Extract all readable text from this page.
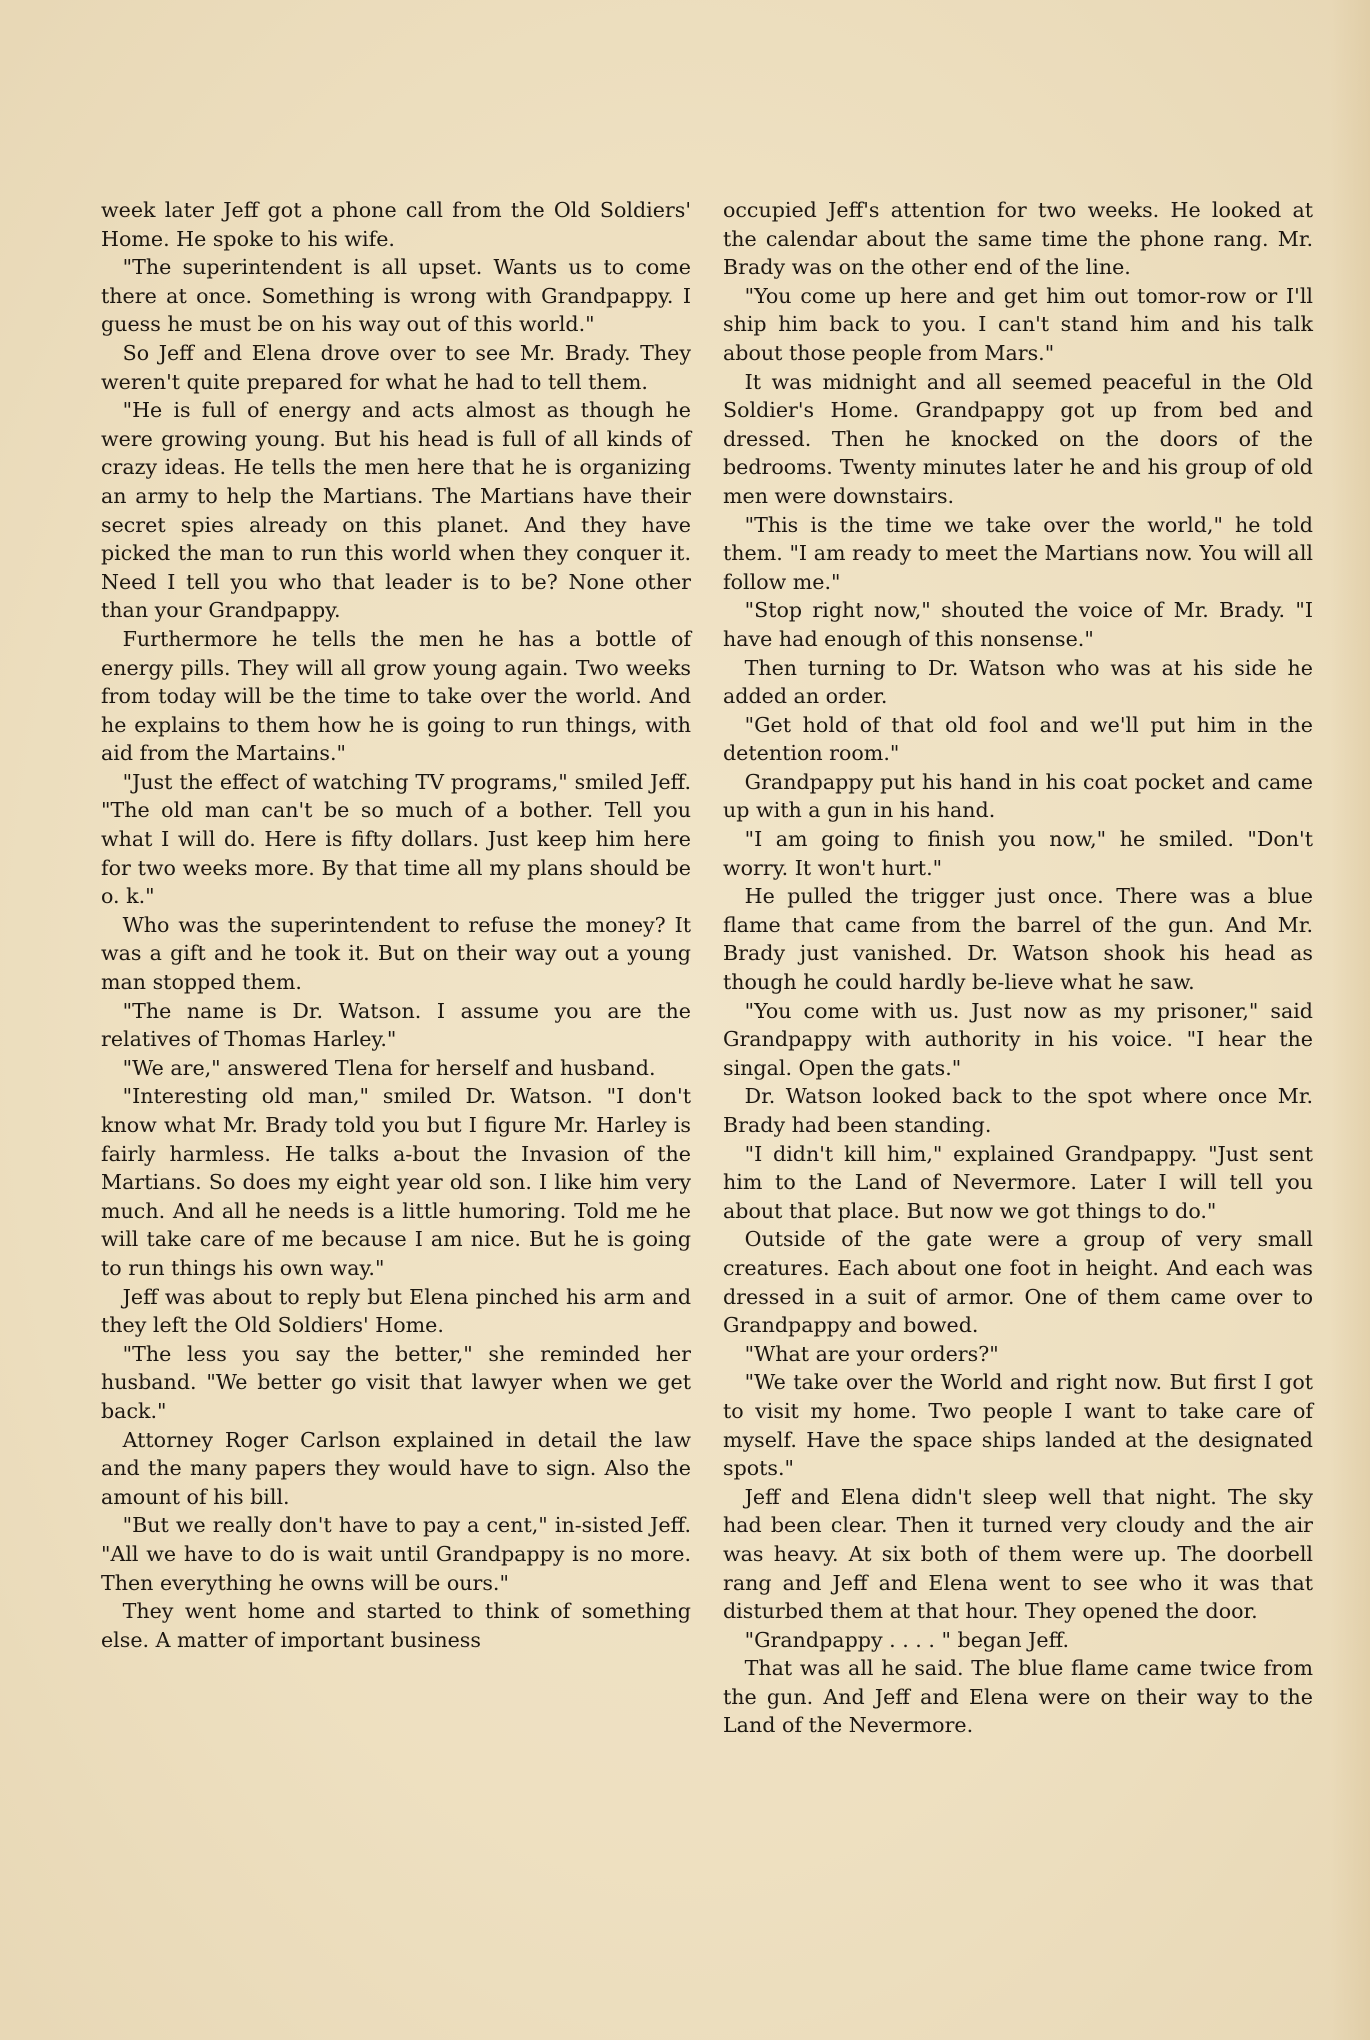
week later Jeff got a phone call from the Old Soldiers' Home. He spoke to his wife.

"The superintendent is all upset. Wants us to come there at once. Something is wrong with Grandpappy. I guess he must be on his way out of this world."

So Jeff and Elena drove over to see Mr. Brady. They weren't quite prepared for what he had to tell them.

"He is full of energy and acts almost as though he were growing young. But his head is full of all kinds of crazy ideas. He tells the men here that he is organizing an army to help the Martians. The Martians have their secret spies already on this planet. And they have picked the man to run this world when they conquer it. Need I tell you who that leader is to be? None other than your Grandpappy.

Furthermore he tells the men he has a bottle of energy pills. They will all grow young again. Two weeks from today will be the time to take over the world. And he explains to them how he is going to run things, with aid from the Martains."

"Just the effect of watching TV programs," smiled Jeff. "The old man can't be so much of a bother. Tell you what I will do. Here is fifty dollars. Just keep him here for two weeks more. By that time all my plans should be o. k."

Who was the superintendent to refuse the money? It was a gift and he took it. But on their way out a young man stopped them.

"The name is Dr. Watson. I assume you are the relatives of Thomas Harley."

"We are," answered Tlena for herself and husband.

"Interesting old man," smiled Dr. Watson. "I don't know what Mr. Brady told you but I figure Mr. Harley is fairly harmless. He talks a-bout the Invasion of the Martians. So does my eight year old son. I like him very much. And all he needs is a little humoring. Told me he will take care of me because I am nice. But he is going to run things his own way."

Jeff was about to reply but Elena pinched his arm and they left the Old Soldiers' Home.

"The less you say the better," she reminded her husband. "We better go visit that lawyer when we get back."

Attorney Roger Carlson explained in detail the law and the many papers they would have to sign. Also the amount of his bill.

"But we really don't have to pay a cent," in-sisted Jeff. "All we have to do is wait until Grandpappy is no more. Then everything he owns will be ours."

They went home and started to think of something else. A matter of important business

occupied Jeff's attention for two weeks. He looked at the calendar about the same time the phone rang. Mr. Brady was on the other end of the line.

"You come up here and get him out tomor-row or I'll ship him back to you. I can't stand him and his talk about those people from Mars."

It was midnight and all seemed peaceful in the Old Soldier's Home. Grandpappy got up from bed and dressed. Then he knocked on the doors of the bedrooms. Twenty minutes later he and his group of old men were downstairs.

"This is the time we take over the world," he told them. "I am ready to meet the Martians now. You will all follow me."

"Stop right now," shouted the voice of Mr. Brady. "I have had enough of this nonsense."

Then turning to Dr. Watson who was at his side he added an order.

"Get hold of that old fool and we'll put him in the detention room."

Grandpappy put his hand in his coat pocket and came up with a gun in his hand.

"I am going to finish you now," he smiled. "Don't worry. It won't hurt."

He pulled the trigger just once. There was a blue flame that came from the barrel of the gun. And Mr. Brady just vanished. Dr. Watson shook his head as though he could hardly be-lieve what he saw.

"You come with us. Just now as my prisoner," said Grandpappy with authority in his voice. "I hear the singal. Open the gats."

Dr. Watson looked back to the spot where once Mr. Brady had been standing.

"I didn't kill him," explained Grandpappy. "Just sent him to the Land of Nevermore. Later I will tell you about that place. But now we got things to do."

Outside of the gate were a group of very small creatures. Each about one foot in height. And each was dressed in a suit of armor. One of them came over to Grandpappy and bowed.

"What are your orders?"

"We take over the World and right now. But first I got to visit my home. Two people I want to take care of myself. Have the space ships landed at the designated spots."

Jeff and Elena didn't sleep well that night. The sky had been clear. Then it turned very cloudy and the air was heavy. At six both of them were up. The doorbell rang and Jeff and Elena went to see who it was that disturbed them at that hour. They opened the door.

"Grandpappy . . . . " began Jeff.

That was all he said. The blue flame came twice from the gun. And Jeff and Elena were on their way to the Land of the Nevermore.
